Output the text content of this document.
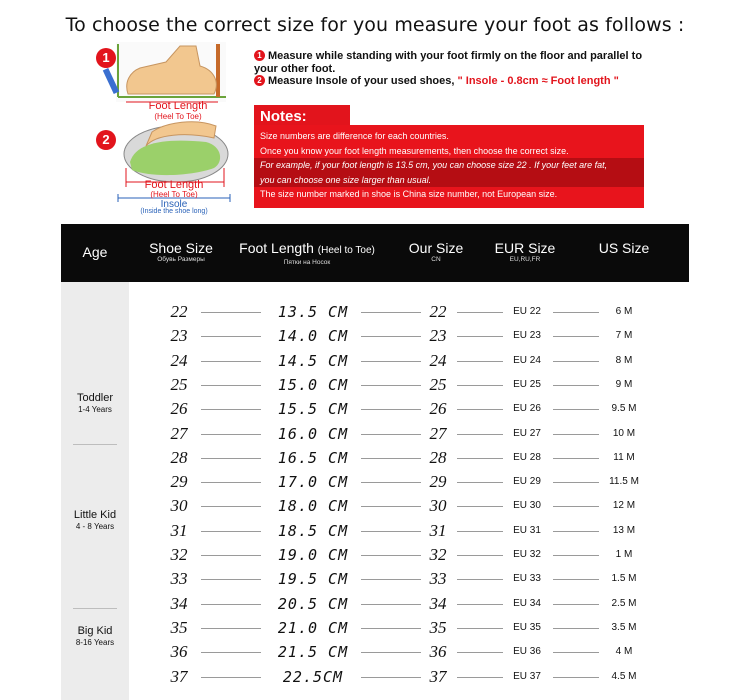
To choose the correct size for you measure your foot as follows :
1
2
Foot Length
(Heel To Toe)
Foot Length
(Heel To Toe)
Insole
(Inside the shoe long)
1 Measure while standing with your foot firmly on the floor and parallel to your other foot.
2 Measure Insole of your used shoes, " Insole - 0.8cm ≈ Foot length "
Notes:
Size numbers are difference for each countries.
Once you know your foot length measurements, then choose the correct size.
For example, if your foot length is 13.5 cm, you can choose size 22 . If your feet are fat,
you can choose one size larger than usual.
The size number marked in shoe is China size number, not European size.
Age	Shoe Size
Обувь Размеры
Foot Length (Heel to Toe)
Пятки на Носок
Our Size
CN
EUR Size
EU,RU,FR
US Size
Toddler
1-4 Years
Little Kid
4 - 8 Years
Big Kid
8-16 Years
22	13.5 CM	22	EU 22	6 M
23	14.0 CM	23	EU 23	7 M
24	14.5 CM	24	EU 24	8 M
25	15.0 CM	25	EU 25	9 M
26	15.5 CM	26	EU 26	9.5 M
27	16.0 CM	27	EU 27	10 M
28	16.5 CM	28	EU 28	11 M
29	17.0 CM	29	EU 29	11.5 M
30	18.0 CM	30	EU 30	12 M
31	18.5 CM	31	EU 31	13 M
32	19.0 CM	32	EU 32	1 M
33	19.5 CM	33	EU 33	1.5 M
34	20.5 CM	34	EU 34	2.5 M
35	21.0 CM	35	EU 35	3.5 M
36	21.5 CM	36	EU 36	4 M
37	22.5CM	37	EU 37	4.5 M
